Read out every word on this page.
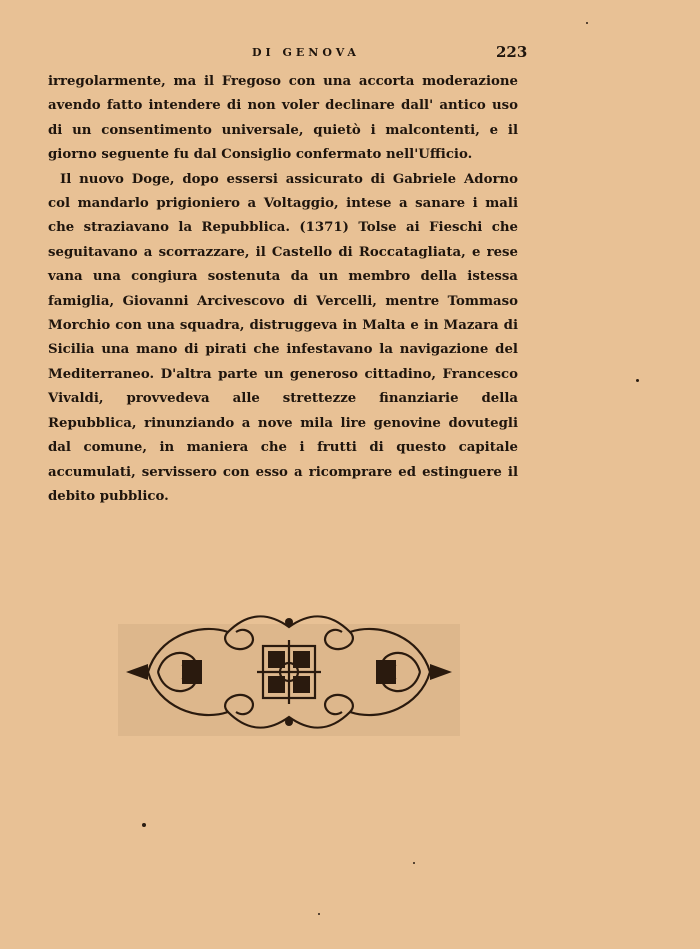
DI GENOVA	223

irregolarmente, ma il Fregoso con una accorta moderazione avendo fatto intendere di non voler declinare dall' antico uso di un consentimento universale, quietò i malcontenti, e il giorno seguente fu dal Consiglio confermato nell'Ufficio.

Il nuovo Doge, dopo essersi assicurato di Gabriele Adorno col mandarlo prigioniero a Voltaggio, intese a sanare i mali che straziavano la Repubblica. (1371) Tolse ai Fieschi che seguitavano a scorrazzare, il Castello di Roccatagliata, e rese vana una congiura sostenuta da un membro della istessa famiglia, Giovanni Arcivescovo di Vercelli, mentre Tommaso Morchio con una squadra, distruggeva in Malta e in Mazara di Sicilia una mano di pirati che infestavano la navigazione del Mediterraneo. D'altra parte un generoso cittadino, Francesco Vivaldi, provvedeva alle strettezze finanziarie della Repubblica, rinunziando a nove mila lire genovine dovutegli dal comune, in maniera che i frutti di questo capitale accumulati, servissero con esso a ricomprare ed estinguere il debito pubblico.
